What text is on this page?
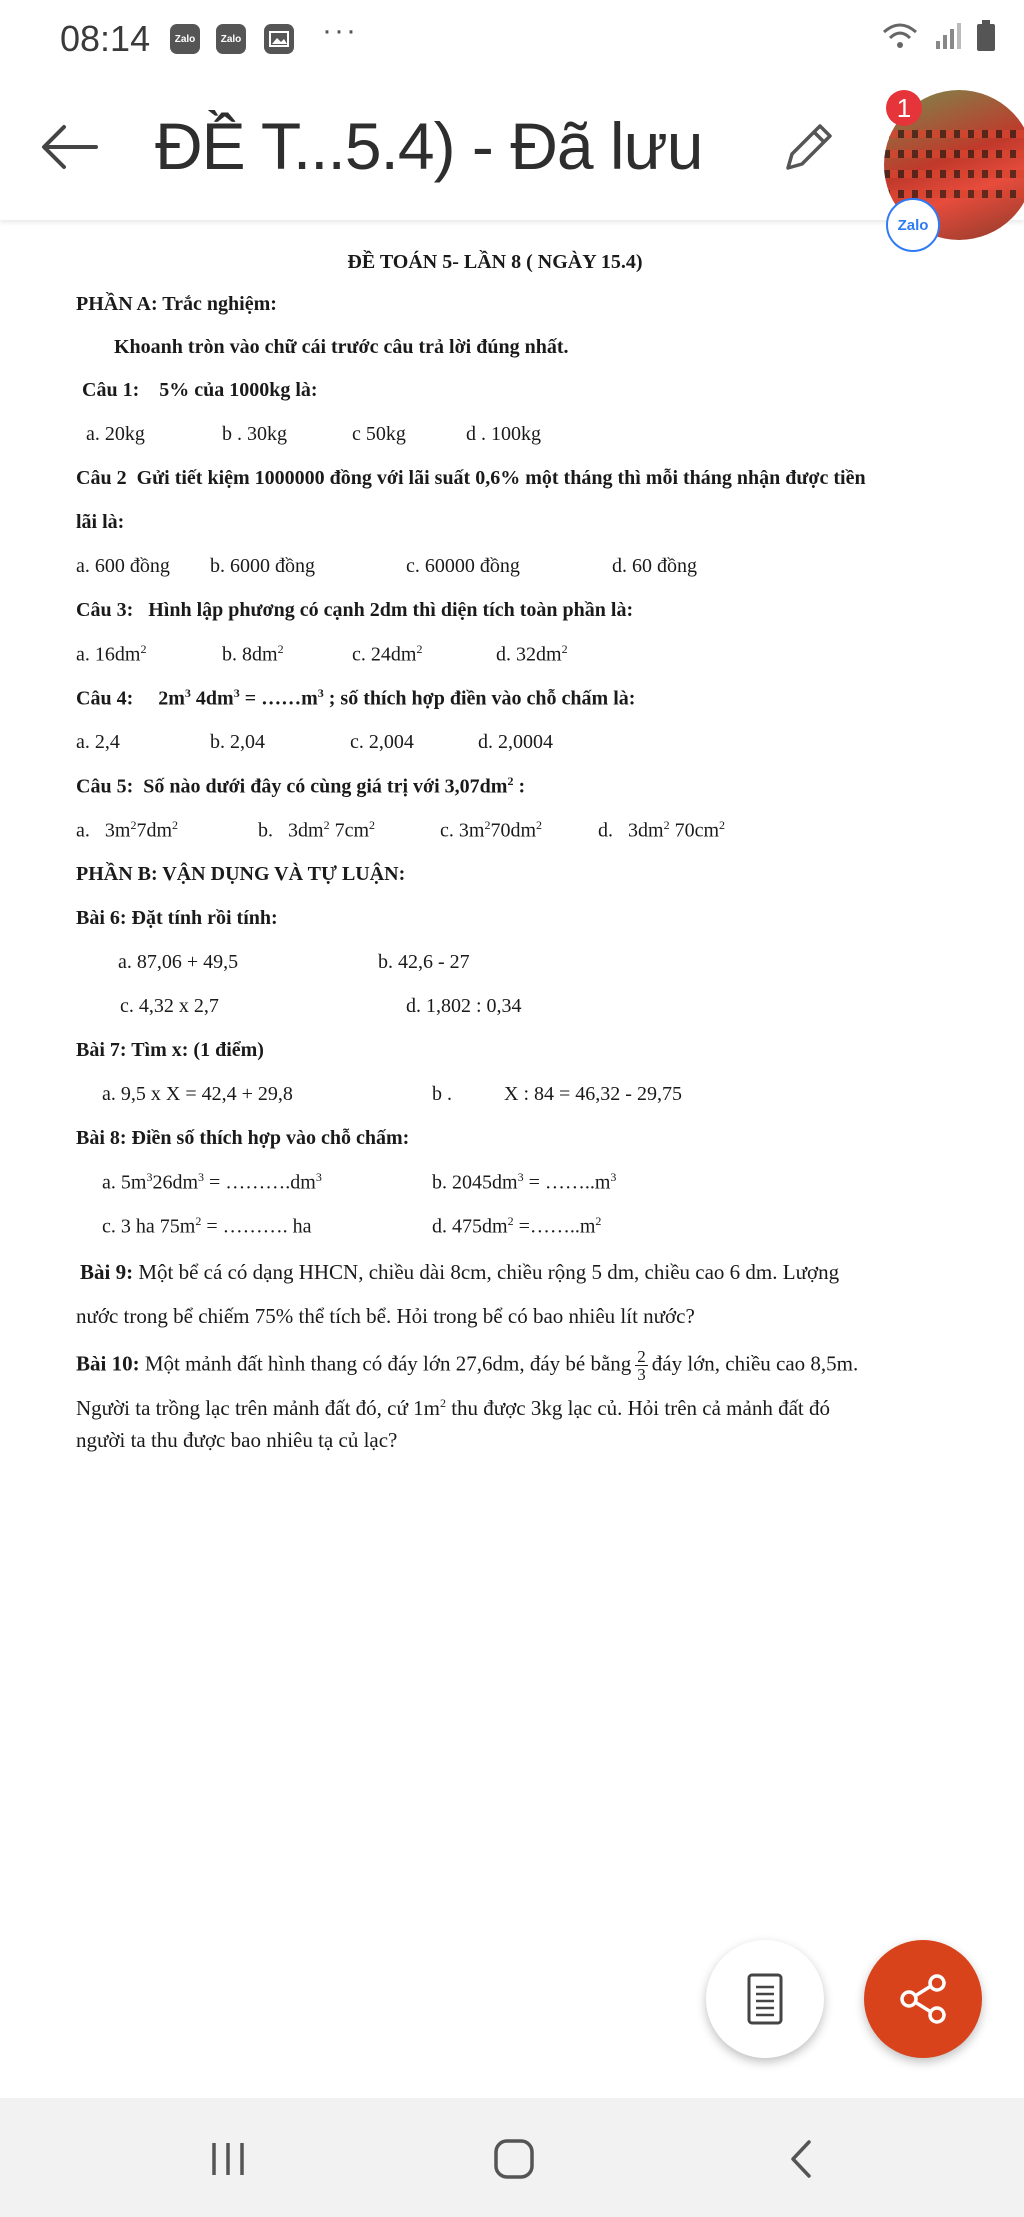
08:14	Zalo	Zalo	···
ĐỀ T...5.4) - Đã lưu
1
Zalo
ĐỀ TOÁN 5- LẦN 8 ( NGÀY 15.4)
PHẦN A: Trắc nghiệm:
Khoanh tròn vào chữ cái trước câu trả lời đúng nhất.
Câu 1: 5% của 1000kg là:
a. 20kg	b . 30kg	c 50kg	d . 100kg
Câu 2 Gửi tiết kiệm 1000000 đồng với lãi suất 0,6% một tháng thì mỗi tháng nhận được tiền
lãi là:
a. 600 đồng b. 6000 đồng	c. 60000 đồng	d. 60 đồng
Câu 3: Hình lập phương có cạnh 2dm thì diện tích toàn phần là:
a. $16dm^2$	b. $8dm^2$	c. $24dm^2$	d. $32dm^2$
Câu 4: $2m^3$ $4dm^3$ = $\dots\dots m^3$ ; số thích hợp điền vào chỗ chấm là:
a. 2,4	b. 2,04	c. 2,004	d. 2,0004
Câu 5: Số nào dưới đây có cùng giá trị với $3,07dm^2$ :
a. $3m^27dm^2$	b. $3dm^2$ $7cm^2$	c. $3m^270dm^2$	d. $3dm^2$ $70cm^2$
PHẦN B: VẬN DỤNG VÀ TỰ LUẬN:
Bài 6: Đặt tính rồi tính:
a. 87,06 + 49,5	b. 42,6 - 27
c. 4,32 x 2,7	d. 1,802 : 0,34
Bài 7: Tìm x: (1 điểm)
a. 9,5 x X = 42,4 + 29,8	b .	X : 84 = 46,32 - 29,75
Bài 8: Điền số thích hợp vào chỗ chấm:
a. $5m^326dm^3$ = $\dots\dots\dots.dm^3$	b. $2045dm^3$ = $\dots\dots..m^3$
c. 3 ha $75m^2$ = ………. ha	d. $475dm^2$ $=\dots\dots..m^2$
Bài 9: Một bể cá có dạng HHCN, chiều dài 8cm, chiều rộng 5 dm, chiều cao 6 dm. Lượng
nước trong bể chiếm 75% thể tích bể. Hỏi trong bể có bao nhiêu lít nước?
Bài 10: Một mảnh đất hình thang có đáy lớn 27,6dm, đáy bé bằng $\frac{2}{3}$ đáy lớn, chiều cao 8,5m.
Người ta trồng lạc trên mảnh đất đó, cứ $1m^2$ thu được 3kg lạc củ. Hỏi trên cả mảnh đất đó
người ta thu được bao nhiêu tạ củ lạc?
